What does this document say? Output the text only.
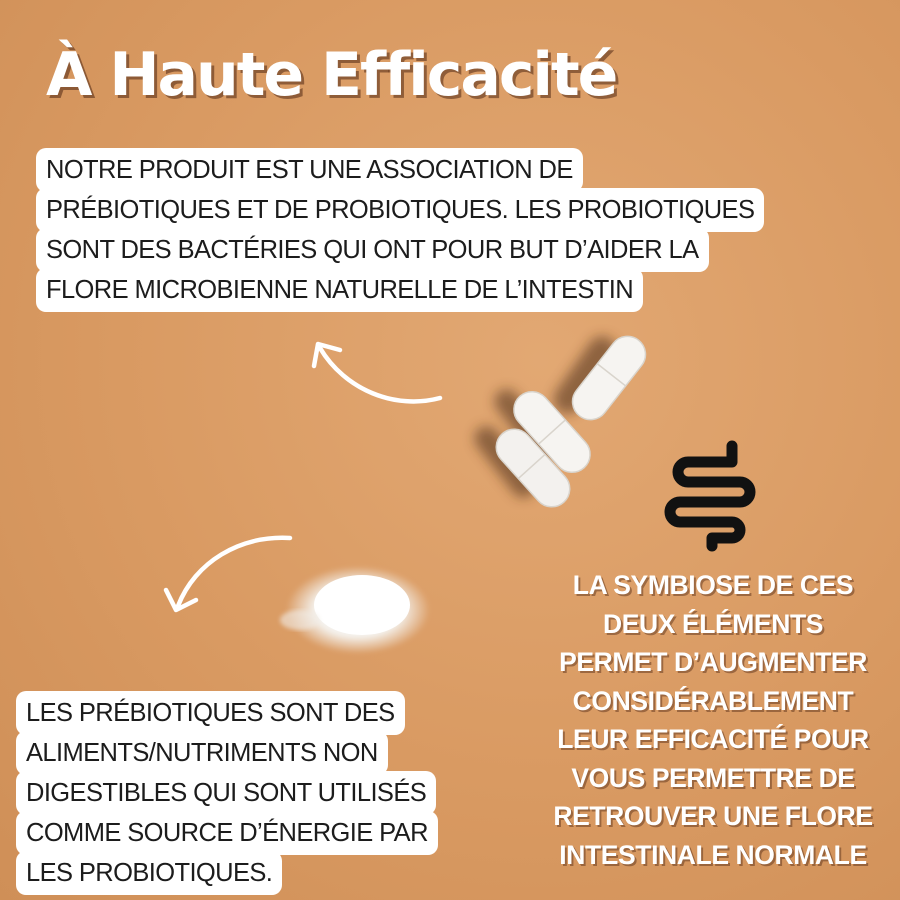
À Haute Efficacité
NOTRE PRODUIT EST UNE ASSOCIATION DE
PRÉBIOTIQUES ET DE PROBIOTIQUES. LES PROBIOTIQUES
SONT DES BACTÉRIES QUI ONT POUR BUT D’AIDER LA
FLORE MICROBIENNE NATURELLE DE L’INTESTIN
LES PRÉBIOTIQUES SONT DES
ALIMENTS/NUTRIMENTS NON
DIGESTIBLES QUI SONT UTILISÉS
COMME SOURCE D’ÉNERGIE PAR
LES PROBIOTIQUES.
LA SYMBIOSE DE CES
DEUX ÉLÉMENTS
PERMET D’AUGMENTER
CONSIDÉRABLEMENT
LEUR EFFICACITÉ POUR
VOUS PERMETTRE DE
RETROUVER UNE FLORE
INTESTINALE NORMALE
